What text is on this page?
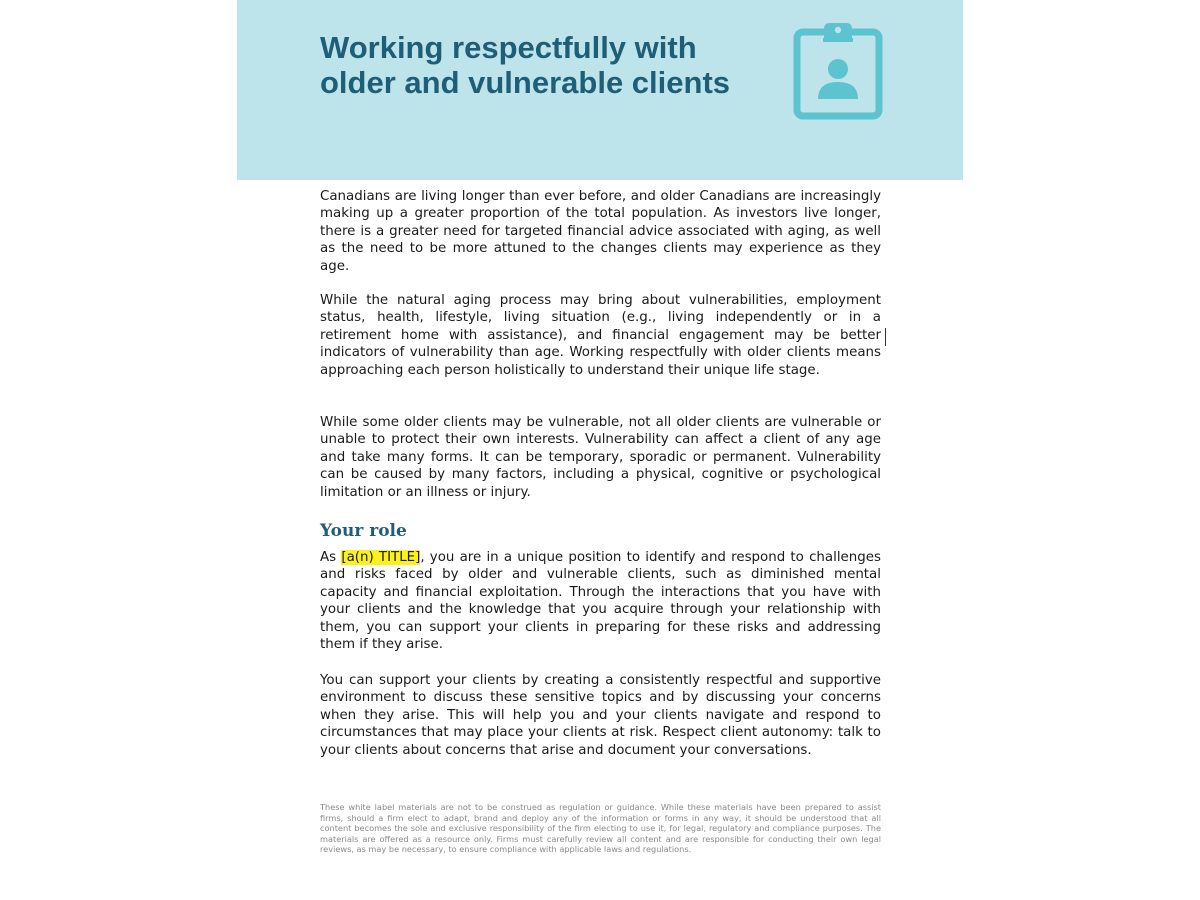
Working respectfully with older and vulnerable clients

Canadians are living longer than ever before, and older Canadians are increasingly making up a greater proportion of the total population. As investors live longer, there is a greater need for targeted financial advice associated with aging, as well as the need to be more attuned to the changes clients may experience as they age.

While the natural aging process may bring about vulnerabilities, employment status, health, lifestyle, living situation (e.g., living independently or in a retirement home with assistance), and financial engagement may be better indicators of vulnerability than age. Working respectfully with older clients means approaching each person holistically to understand their unique life stage.

While some older clients may be vulnerable, not all older clients are vulnerable or unable to protect their own interests. Vulnerability can affect a client of any age and take many forms. It can be temporary, sporadic or permanent. Vulnerability can be caused by many factors, including a physical, cognitive or psychological limitation or an illness or injury.

Your role

As [a(n) TITLE], you are in a unique position to identify and respond to challenges and risks faced by older and vulnerable clients, such as diminished mental capacity and financial exploitation. Through the interactions that you have with your clients and the knowledge that you acquire through your relationship with them, you can support your clients in preparing for these risks and addressing them if they arise.

You can support your clients by creating a consistently respectful and supportive environment to discuss these sensitive topics and by discussing your concerns when they arise. This will help you and your clients navigate and respond to circumstances that may place your clients at risk. Respect client autonomy: talk to your clients about concerns that arise and document your conversations.

These white label materials are not to be construed as regulation or guidance. While these materials have been prepared to assist firms, should a firm elect to adapt, brand and deploy any of the information or forms in any way, it should be understood that all content becomes the sole and exclusive responsibility of the firm electing to use it, for legal, regulatory and compliance purposes. The materials are offered as a resource only. Firms must carefully review all content and are responsible for conducting their own legal reviews, as may be necessary, to ensure compliance with applicable laws and regulations.
